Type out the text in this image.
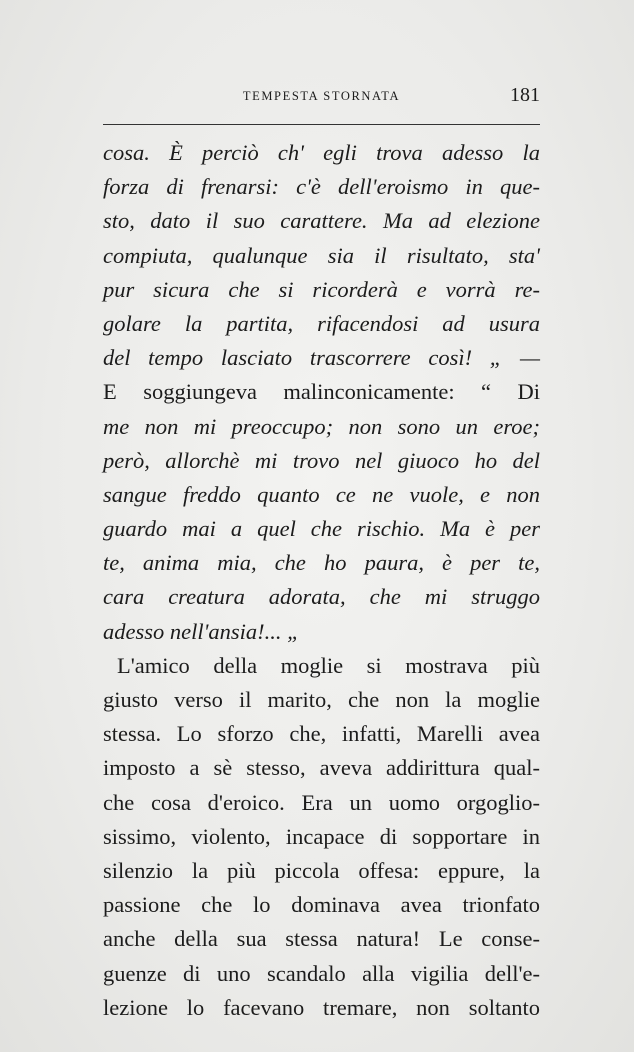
TEMPESTA STORNATA	181
cosa. È perciò ch' egli trova adesso la
forza di frenarsi: c'è dell'eroismo in que-
sto, dato il suo carattere. Ma ad elezione
compiuta, qualunque sia il risultato, sta'
pur sicura che si ricorderà e vorrà re-
golare la partita, rifacendosi ad usura
del tempo lasciato trascorrere così! „ —
E soggiungeva malinconicamente: “ Di
me non mi preoccupo; non sono un eroe;
però, allorchè mi trovo nel giuoco ho del
sangue freddo quanto ce ne vuole, e non
guardo mai a quel che rischio. Ma è per
te, anima mia, che ho paura, è per te,
cara creatura adorata, che mi struggo
adesso nell'ansia!... „
L'amico della moglie si mostrava più
giusto verso il marito, che non la moglie
stessa. Lo sforzo che, infatti, Marelli avea
imposto a sè stesso, aveva addirittura qual-
che cosa d'eroico. Era un uomo orgoglio-
sissimo, violento, incapace di sopportare in
silenzio la più piccola offesa: eppure, la
passione che lo dominava avea trionfato
anche della sua stessa natura! Le conse-
guenze di uno scandalo alla vigilia dell'e-
lezione lo facevano tremare, non soltanto
